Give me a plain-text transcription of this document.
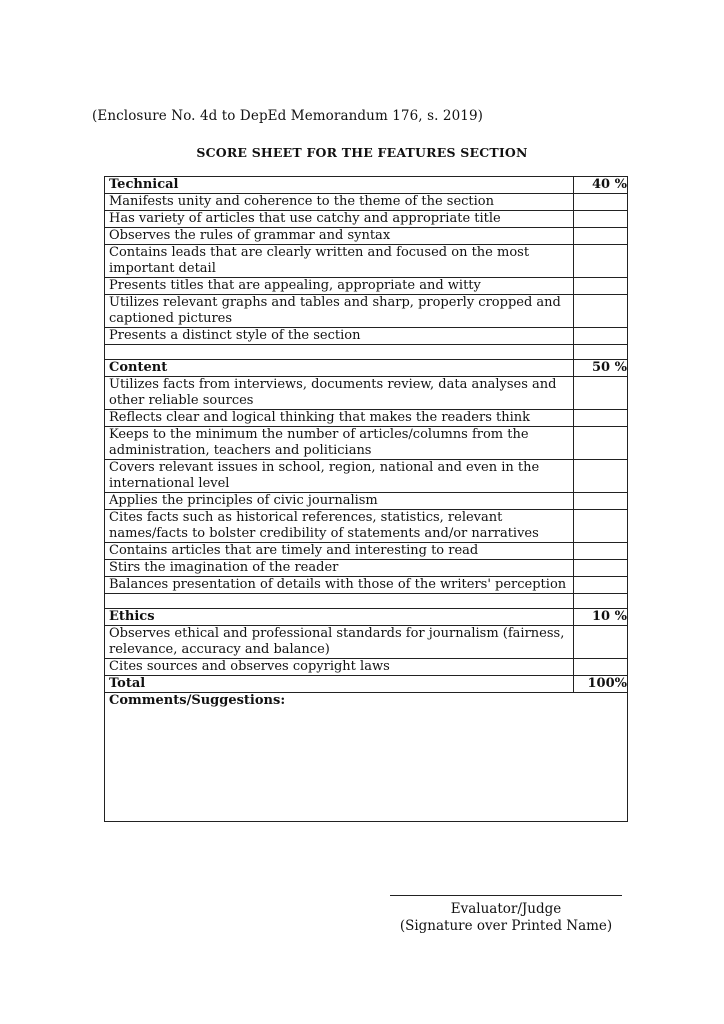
(Enclosure No. 4d to DepEd Memorandum 176, s. 2019)
SCORE SHEET FOR THE FEATURES SECTION
Technical	40 %
Manifests unity and coherence to the theme of the section	
Has variety of articles that use catchy and appropriate title	
Observes the rules of grammar and syntax	
Contains leads that are clearly written and focused on the most important detail	
Presents titles that are appealing, appropriate and witty	
Utilizes relevant graphs and tables and sharp, properly cropped and captioned pictures	
Presents a distinct style of the section	

Content	50 %
Utilizes facts from interviews, documents review, data analyses and other reliable sources	
Reflects clear and logical thinking that makes the readers think	
Keeps to the minimum the number of articles/columns from the administration, teachers and politicians	
Covers relevant issues in school, region, national and even in the international level	
Applies the principles of civic journalism	
Cites facts such as historical references, statistics, relevant names/facts to bolster credibility of statements and/or narratives	
Contains articles that are timely and interesting to read	
Stirs the imagination of the reader	
Balances presentation of details with those of the writers' perception	

Ethics	10 %
Observes ethical and professional standards for journalism (fairness, relevance, accuracy and balance)	
Cites sources and observes copyright laws	
Total	100%
Comments/Suggestions:	
Evaluator/Judge
(Signature over Printed Name)
